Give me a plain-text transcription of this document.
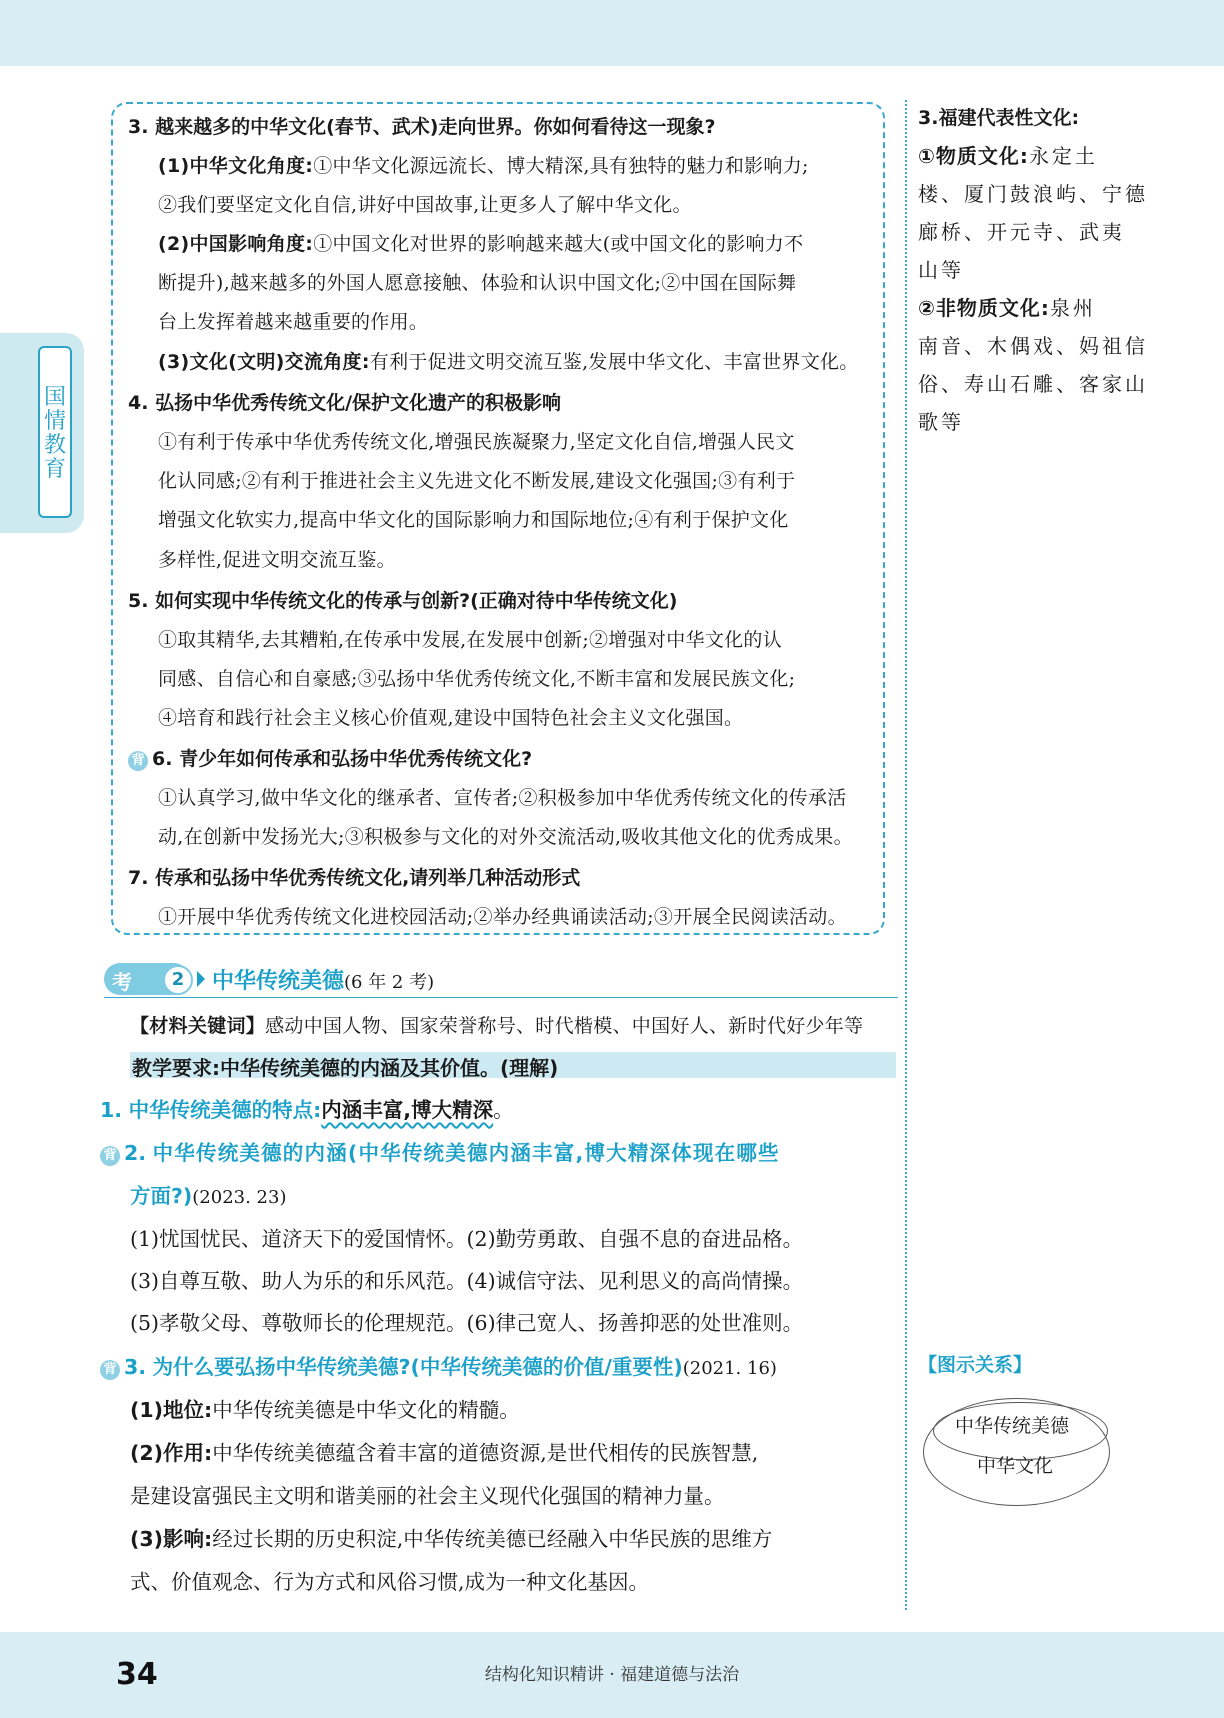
国
情
教
育
3. 越来越多的中华文化(春节、武术)走向世界。你如何看待这一现象?
(1)中华文化角度:①中华文化源远流长、博大精深,具有独特的魅力和影响力;
②我们要坚定文化自信,讲好中国故事,让更多人了解中华文化。
(2)中国影响角度:①中国文化对世界的影响越来越大(或中国文化的影响力不
断提升),越来越多的外国人愿意接触、体验和认识中国文化;②中国在国际舞
台上发挥着越来越重要的作用。
(3)文化(文明)交流角度:有利于促进文明交流互鉴,发展中华文化、丰富世界文化。
4. 弘扬中华优秀传统文化/保护文化遗产的积极影响
①有利于传承中华优秀传统文化,增强民族凝聚力,坚定文化自信,增强人民文
化认同感;②有利于推进社会主义先进文化不断发展,建设文化强国;③有利于
增强文化软实力,提高中华文化的国际影响力和国际地位;④有利于保护文化
多样性,促进文明交流互鉴。
5. 如何实现中华传统文化的传承与创新?(正确对待中华传统文化)
①取其精华,去其糟粕,在传承中发展,在发展中创新;②增强对中华文化的认
同感、自信心和自豪感;③弘扬中华优秀传统文化,不断丰富和发展民族文化;
④培育和践行社会主义核心价值观,建设中国特色社会主义文化强国。
背 6. 青少年如何传承和弘扬中华优秀传统文化?
①认真学习,做中华文化的继承者、宣传者;②积极参加中华优秀传统文化的传承活
动,在创新中发扬光大;③积极参与文化的对外交流活动,吸收其他文化的优秀成果。
7. 传承和弘扬中华优秀传统文化,请列举几种活动形式
①开展中华优秀传统文化进校园活动;②举办经典诵读活动;③开展全民阅读活动。
考点
2	中华传统美德(6 年 2 考)
【材料关键词】感动中国人物、国家荣誉称号、时代楷模、中国好人、新时代好少年等
教学要求:中华传统美德的内涵及其价值。(理解)
1. 中华传统美德的特点:内涵丰富,博大精深。
背 2. 中华传统美德的内涵(中华传统美德内涵丰富,博大精深体现在哪些
方面?)(2023. 23)
(1)忧国忧民、道济天下的爱国情怀。(2)勤劳勇敢、自强不息的奋进品格。
(3)自尊互敬、助人为乐的和乐风范。(4)诚信守法、见利思义的高尚情操。
(5)孝敬父母、尊敬师长的伦理规范。(6)律己宽人、扬善抑恶的处世准则。
背 3. 为什么要弘扬中华传统美德?(中华传统美德的价值/重要性)(2021. 16)
(1)地位:中华传统美德是中华文化的精髓。
(2)作用:中华传统美德蕴含着丰富的道德资源,是世代相传的民族智慧,
是建设富强民主文明和谐美丽的社会主义现代化强国的精神力量。
(3)影响:经过长期的历史积淀,中华传统美德已经融入中华民族的思维方
式、价值观念、行为方式和风俗习惯,成为一种文化基因。
3.福建代表性文化:
①物质文化:永定土
楼、厦门鼓浪屿、宁德
廊桥、开元寺、武夷
山等
②非物质文化:泉州
南音、木偶戏、妈祖信
俗、寿山石雕、客家山
歌等
【图示关系】
中华传统美德
中华文化
34	结构化知识精讲 · 福建道德与法治
